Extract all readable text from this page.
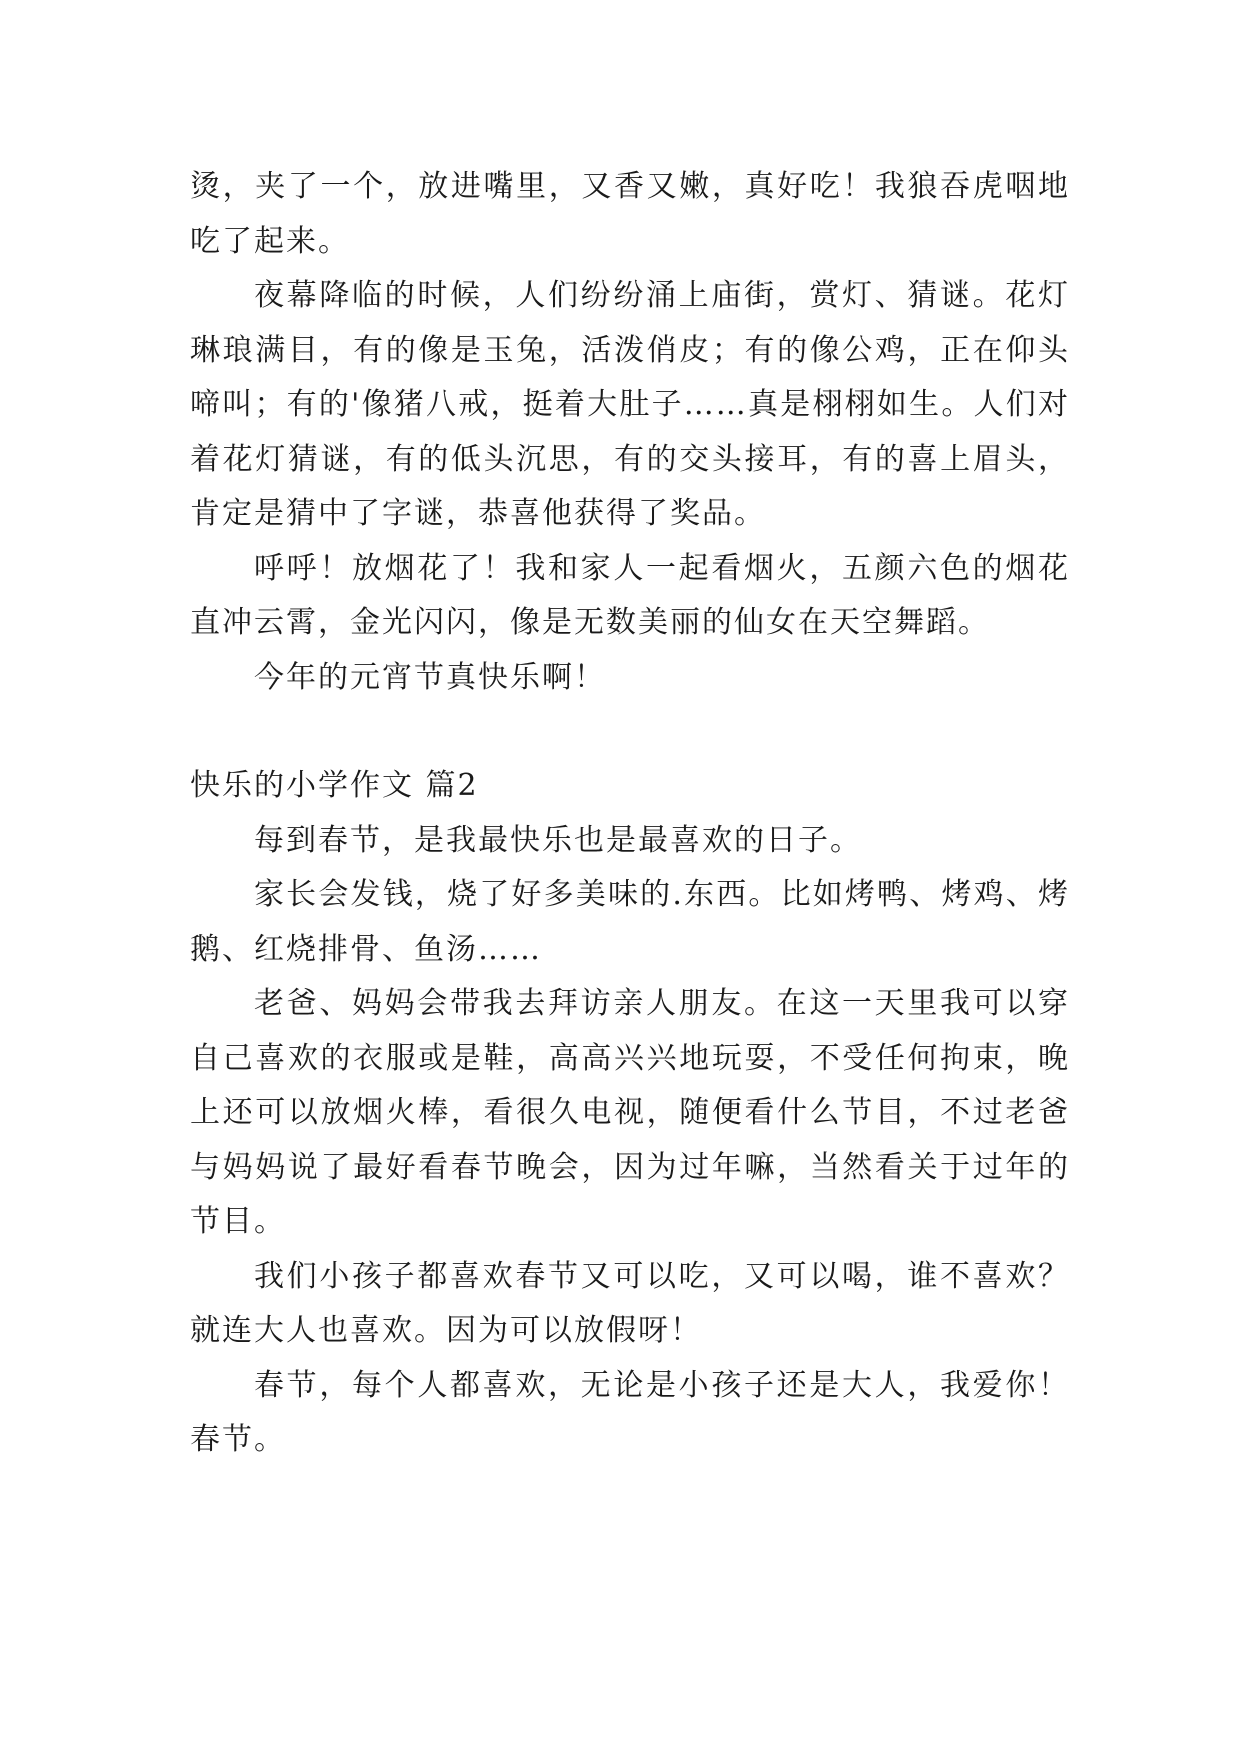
烫，夹了一个，放进嘴里，又香又嫩，真好吃！我狼吞虎咽地吃了起来。

夜幕降临的时候，人们纷纷涌上庙街，赏灯、猜谜。花灯琳琅满目，有的像是玉兔，活泼俏皮；有的像公鸡，正在仰头啼叫；有的'像猪八戒，挺着大肚子……真是栩栩如生。人们对着花灯猜谜，有的低头沉思，有的交头接耳，有的喜上眉头，肯定是猜中了字谜，恭喜他获得了奖品。

呼呼！放烟花了！我和家人一起看烟火，五颜六色的烟花直冲云霄，金光闪闪，像是无数美丽的仙女在天空舞蹈。

今年的元宵节真快乐啊！

快乐的小学作文 篇2

每到春节，是我最快乐也是最喜欢的日子。

家长会发钱，烧了好多美味的.东西。比如烤鸭、烤鸡、烤鹅、红烧排骨、鱼汤……

老爸、妈妈会带我去拜访亲人朋友。在这一天里我可以穿自己喜欢的衣服或是鞋，高高兴兴地玩耍，不受任何拘束，晚上还可以放烟火棒，看很久电视，随便看什么节目，不过老爸与妈妈说了最好看春节晚会，因为过年嘛，当然看关于过年的节目。

我们小孩子都喜欢春节又可以吃，又可以喝，谁不喜欢？就连大人也喜欢。因为可以放假呀！

春节，每个人都喜欢，无论是小孩子还是大人，我爱你！春节。
